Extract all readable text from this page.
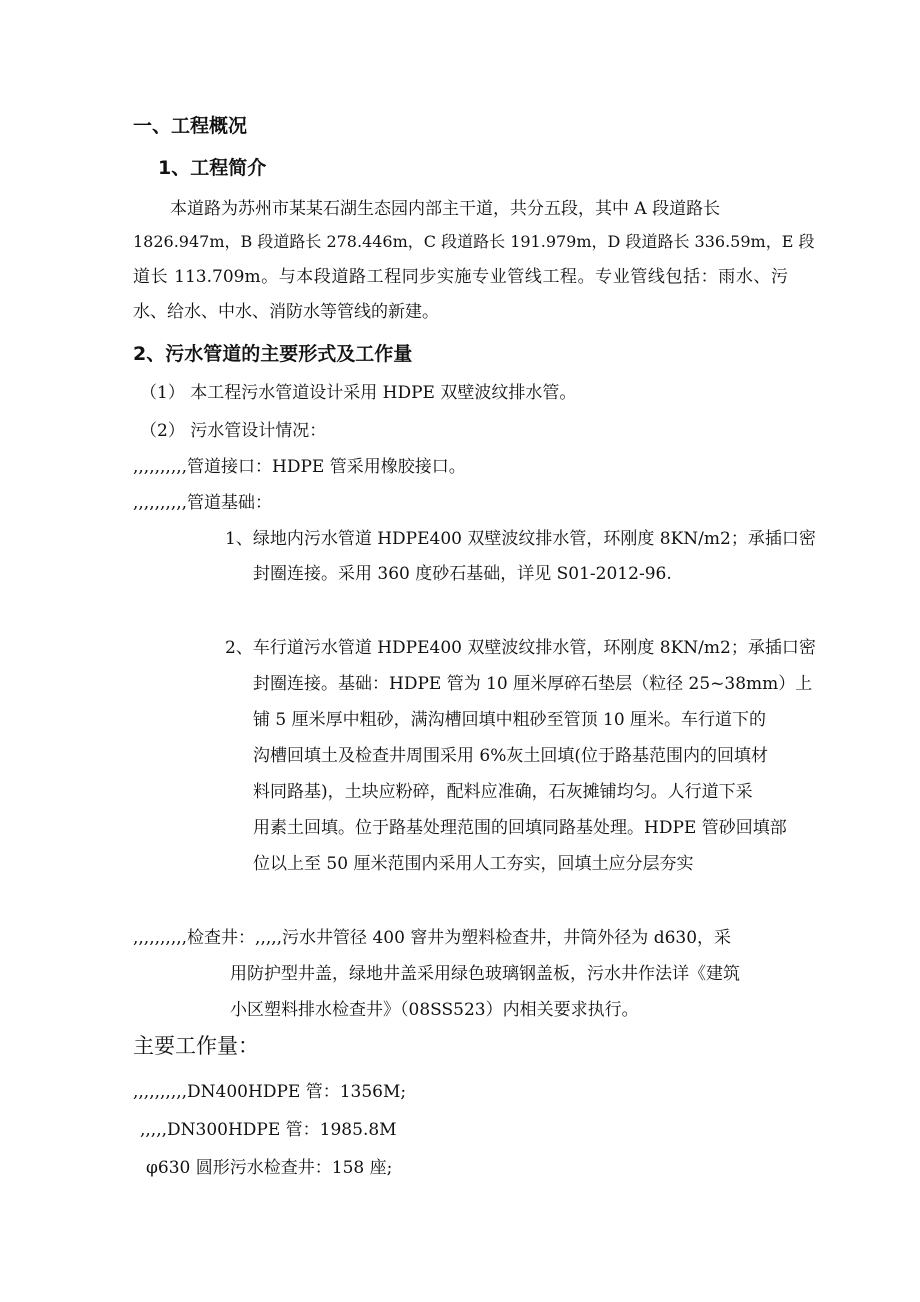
一、工程概况
1、工程简介
本道路为苏州市某某石湖生态园内部主干道，共分五段，其中 A 段道路长
1826.947m，B 段道路长 278.446m，C 段道路长 191.979m，D 段道路长 336.59m，E 段
道长 113.709m。与本段道路工程同步实施专业管线工程。专业管线包括：雨水、污
水、给水、中水、消防水等管线的新建。
2、污水管道的主要形式及工作量
（1） 本工程污水管道设计采用 HDPE 双壁波纹排水管。
（2） 污水管设计情况：
,,,,,,,,,,管道接口：HDPE 管采用橡胶接口。
,,,,,,,,,,管道基础：
1、绿地内污水管道 HDPE400 双壁波纹排水管，环刚度 8KN/m2；承插口密
封圈连接。采用 360 度砂石基础，详见 S01-2012-96.
2、车行道污水管道 HDPE400 双壁波纹排水管，环刚度 8KN/m2；承插口密
封圈连接。基础：HDPE 管为 10 厘米厚碎石垫层（粒径 25~38mm）上
铺 5 厘米厚中粗砂，满沟槽回填中粗砂至管顶 10 厘米。车行道下的
沟槽回填土及检查井周围采用 6%灰土回填(位于路基范围内的回填材
料同路基)，土块应粉碎，配料应准确，石灰摊铺均匀。人行道下采
用素土回填。位于路基处理范围的回填同路基处理。HDPE 管砂回填部
位以上至 50 厘米范围内采用人工夯实，回填土应分层夯实
,,,,,,,,,,检查井：,,,,,污水井管径 400 窨井为塑料检查井，井筒外径为 d630，采
用防护型井盖，绿地井盖采用绿色玻璃钢盖板，污水井作法详《建筑
小区塑料排水检查井》（08SS523）内相关要求执行。
主要工作量：
,,,,,,,,,,DN400HDPE 管：1356M;
,,,,,DN300HDPE 管：1985.8M
φ630 圆形污水检查井：158 座;
